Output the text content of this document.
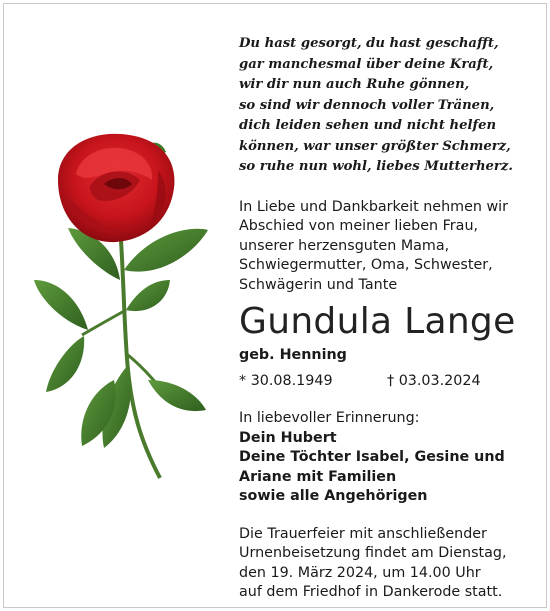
Du hast gesorgt, du hast geschafft,
gar manchesmal über deine Kraft,
wir dir nun auch Ruhe gönnen,
so sind wir dennoch voller Tränen,
dich leiden sehen und nicht helfen
können, war unser größter Schmerz,
so ruhe nun wohl, liebes Mutterherz.
In Liebe und Dankbarkeit nehmen wir
Abschied von meiner lieben Frau,
unserer herzensguten Mama,
Schwiegermutter, Oma, Schwester,
Schwägerin und Tante
Gundula Lange
geb. Henning
* 30.08.1949	† 03.03.2024
In liebevoller Erinnerung:
Dein Hubert
Deine Töchter Isabel, Gesine und
Ariane mit Familien
sowie alle Angehörigen
Die Trauerfeier mit anschließender
Urnenbeisetzung findet am Dienstag,
den 19. März 2024, um 14.00 Uhr
auf dem Friedhof in Dankerode statt.
